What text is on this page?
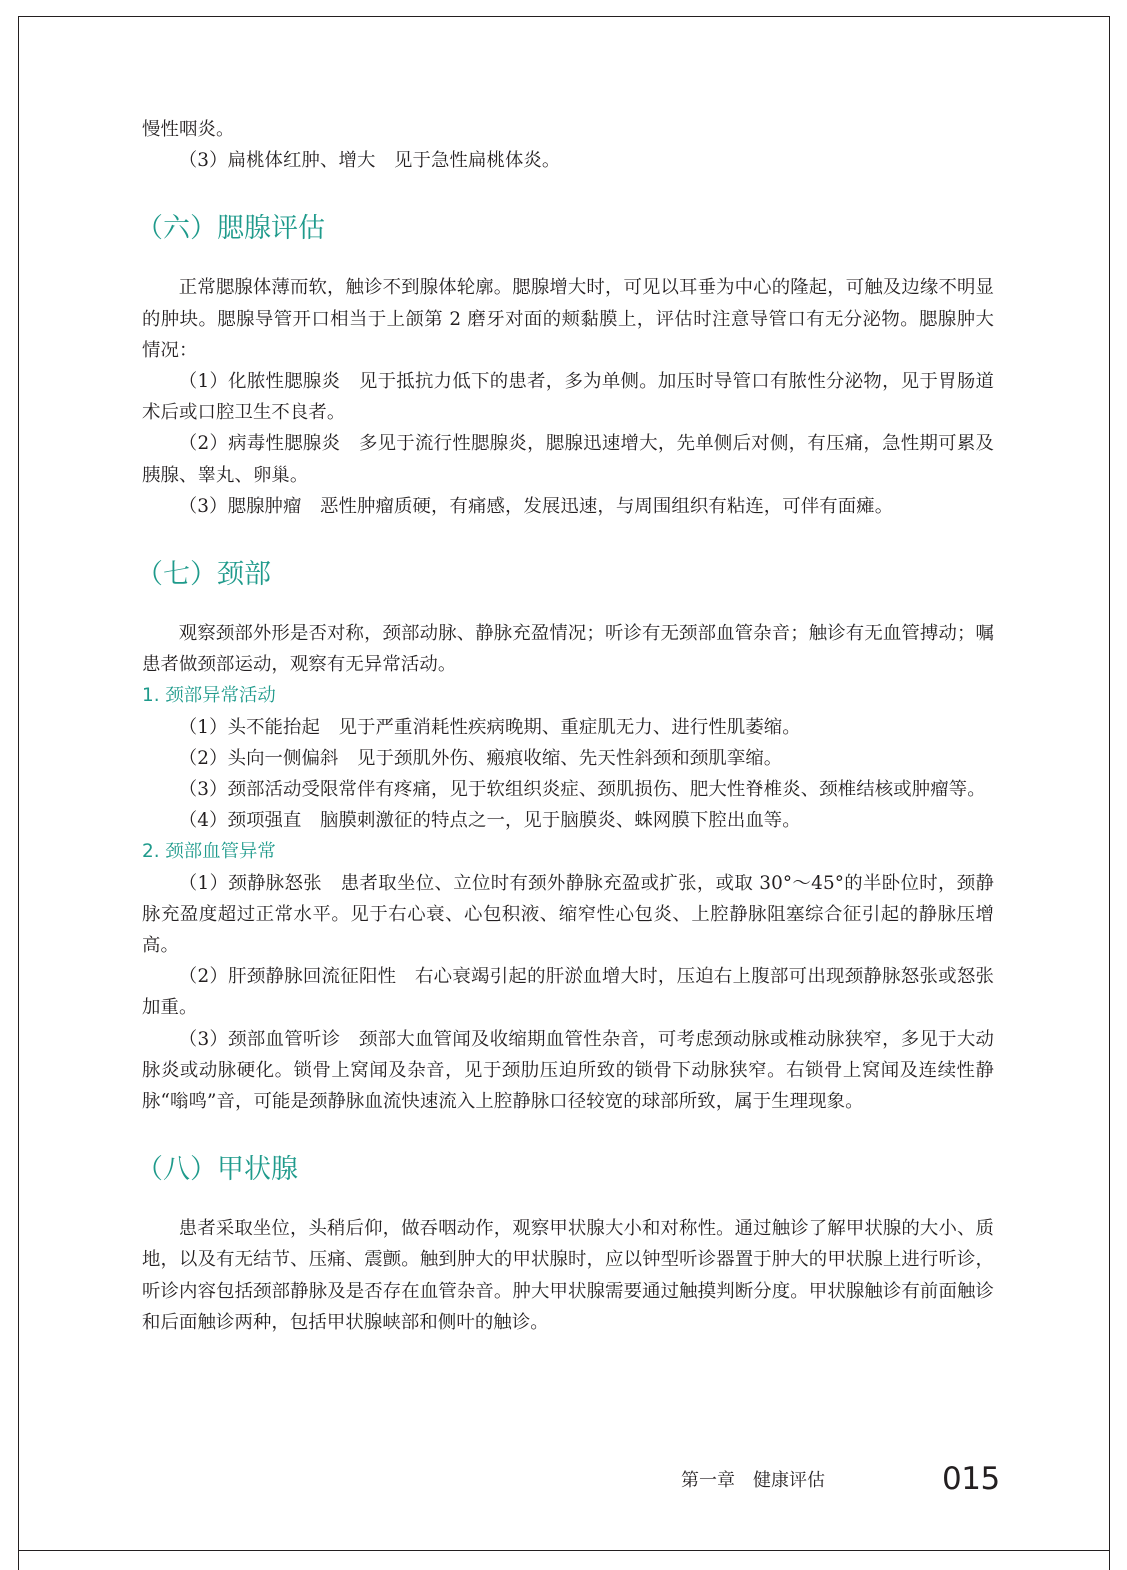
慢性咽炎。

（3）扁桃体红肿、增大　见于急性扁桃体炎。

（六）腮腺评估

正常腮腺体薄而软，触诊不到腺体轮廓。腮腺增大时，可见以耳垂为中心的隆起，可触及边缘不明显的肿块。腮腺导管开口相当于上颌第 2 磨牙对面的颊黏膜上，评估时注意导管口有无分泌物。腮腺肿大情况：

（1）化脓性腮腺炎　见于抵抗力低下的患者，多为单侧。加压时导管口有脓性分泌物，见于胃肠道术后或口腔卫生不良者。

（2）病毒性腮腺炎　多见于流行性腮腺炎，腮腺迅速增大，先单侧后对侧，有压痛，急性期可累及胰腺、睾丸、卵巢。

（3）腮腺肿瘤　恶性肿瘤质硬，有痛感，发展迅速，与周围组织有粘连，可伴有面瘫。

（七）颈部

观察颈部外形是否对称，颈部动脉、静脉充盈情况；听诊有无颈部血管杂音；触诊有无血管搏动；嘱患者做颈部运动，观察有无异常活动。

1. 颈部异常活动

（1）头不能抬起　见于严重消耗性疾病晚期、重症肌无力、进行性肌萎缩。

（2）头向一侧偏斜　见于颈肌外伤、瘢痕收缩、先天性斜颈和颈肌挛缩。

（3）颈部活动受限常伴有疼痛，见于软组织炎症、颈肌损伤、肥大性脊椎炎、颈椎结核或肿瘤等。

（4）颈项强直　脑膜刺激征的特点之一，见于脑膜炎、蛛网膜下腔出血等。

2. 颈部血管异常

（1）颈静脉怒张　患者取坐位、立位时有颈外静脉充盈或扩张，或取 30°～45°的半卧位时，颈静脉充盈度超过正常水平。见于右心衰、心包积液、缩窄性心包炎、上腔静脉阻塞综合征引起的静脉压增高。

（2）肝颈静脉回流征阳性　右心衰竭引起的肝淤血增大时，压迫右上腹部可出现颈静脉怒张或怒张加重。

（3）颈部血管听诊　颈部大血管闻及收缩期血管性杂音，可考虑颈动脉或椎动脉狭窄，多见于大动脉炎或动脉硬化。锁骨上窝闻及杂音，见于颈肋压迫所致的锁骨下动脉狭窄。右锁骨上窝闻及连续性静脉“嗡鸣”音，可能是颈静脉血流快速流入上腔静脉口径较宽的球部所致，属于生理现象。

（八）甲状腺

患者采取坐位，头稍后仰，做吞咽动作，观察甲状腺大小和对称性。通过触诊了解甲状腺的大小、质地，以及有无结节、压痛、震颤。触到肿大的甲状腺时，应以钟型听诊器置于肿大的甲状腺上进行听诊，听诊内容包括颈部静脉及是否存在血管杂音。肿大甲状腺需要通过触摸判断分度。甲状腺触诊有前面触诊和后面触诊两种，包括甲状腺峡部和侧叶的触诊。

第一章　健康评估	015
